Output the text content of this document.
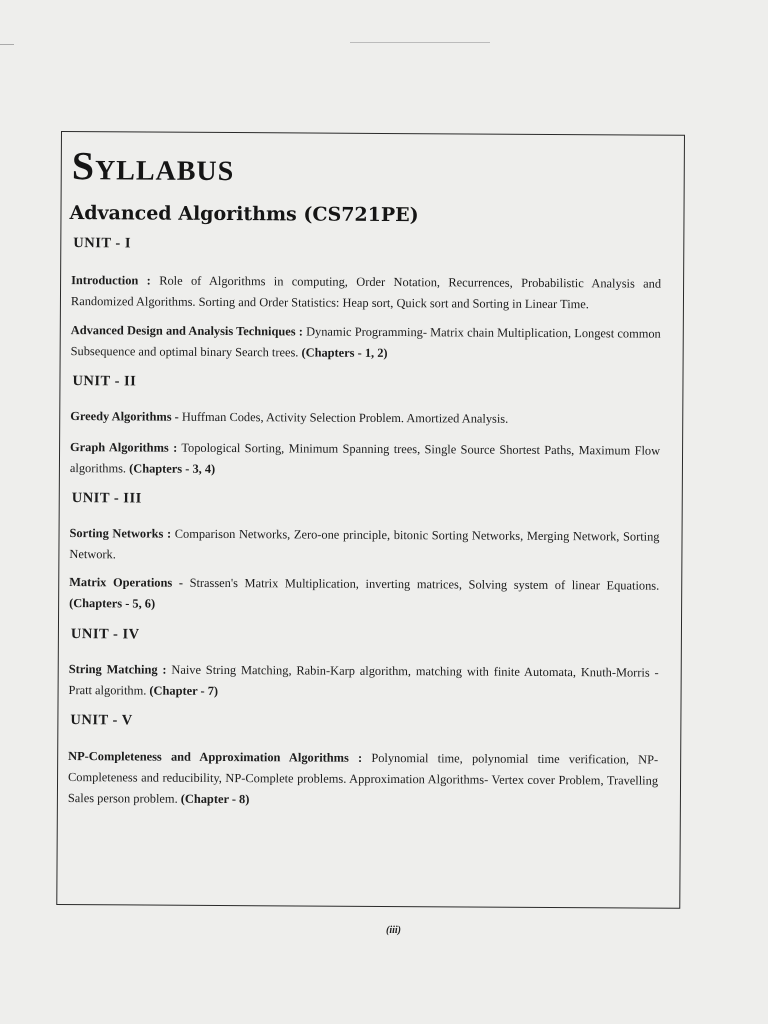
Syllabus
Advanced Algorithms (CS721PE)
UNIT - I
Introduction : Role of Algorithms in computing, Order Notation, Recurrences, Probabilistic Analysis and Randomized Algorithms. Sorting and Order Statistics: Heap sort, Quick sort and Sorting in Linear Time.
Advanced Design and Analysis Techniques : Dynamic Programming- Matrix chain Multiplication, Longest common Subsequence and optimal binary Search trees. (Chapters - 1, 2)
UNIT - II
Greedy Algorithms - Huffman Codes, Activity Selection Problem. Amortized Analysis.
Graph Algorithms : Topological Sorting, Minimum Spanning trees, Single Source Shortest Paths, Maximum Flow algorithms. (Chapters - 3, 4)
UNIT - III
Sorting Networks : Comparison Networks, Zero-one principle, bitonic Sorting Networks, Merging Network, Sorting Network.
Matrix Operations - Strassen's Matrix Multiplication, inverting matrices, Solving system of linear Equations. (Chapters - 5, 6)
UNIT - IV
String Matching : Naive String Matching, Rabin-Karp algorithm, matching with finite Automata, Knuth-Morris - Pratt algorithm. (Chapter - 7)
UNIT - V
NP-Completeness and Approximation Algorithms : Polynomial time, polynomial time verification, NP-Completeness and reducibility, NP-Complete problems. Approximation Algorithms- Vertex cover Problem, Travelling Sales person problem. (Chapter - 8)
(iii)
